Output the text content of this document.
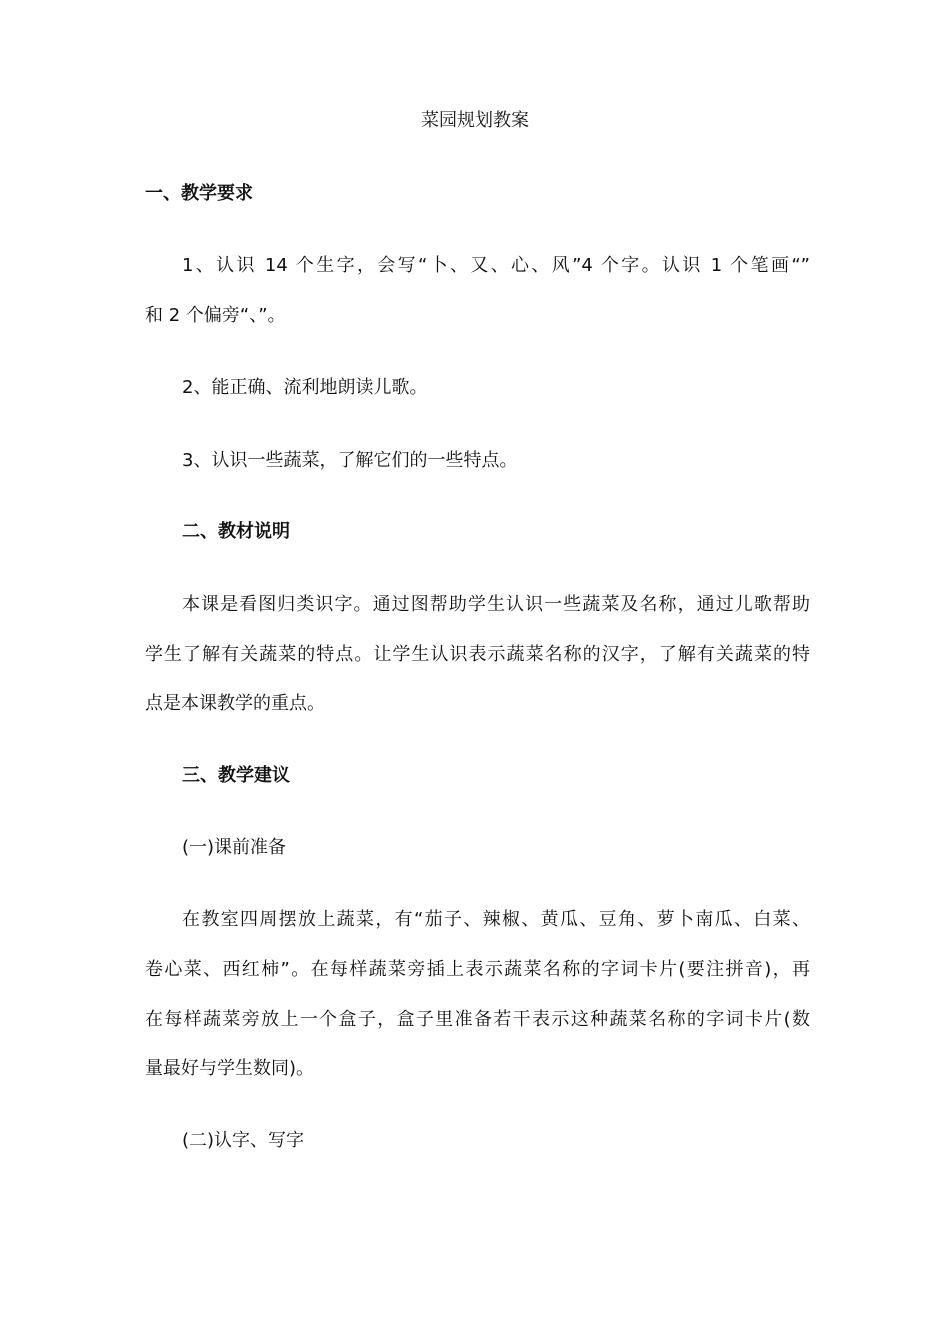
菜园规划教案
一、教学要求
1、认识 14 个生字，会写“卜、又、心、风”4 个字。认识 1 个笔画“”
和 2 个偏旁“、”。
2、能正确、流利地朗读儿歌。
3、认识一些蔬菜，了解它们的一些特点。
二、教材说明
本课是看图归类识字。通过图帮助学生认识一些蔬菜及名称，通过儿歌帮助
学生了解有关蔬菜的特点。让学生认识表示蔬菜名称的汉字，了解有关蔬菜的特
点是本课教学的重点。
三、教学建议
(一)课前准备
在教室四周摆放上蔬菜，有“茄子、辣椒、黄瓜、豆角、萝卜南瓜、白菜、
卷心菜、西红柿”。在每样蔬菜旁插上表示蔬菜名称的字词卡片(要注拼音)，再
在每样蔬菜旁放上一个盒子，盒子里准备若干表示这种蔬菜名称的字词卡片(数
量最好与学生数同)。
(二)认字、写字
